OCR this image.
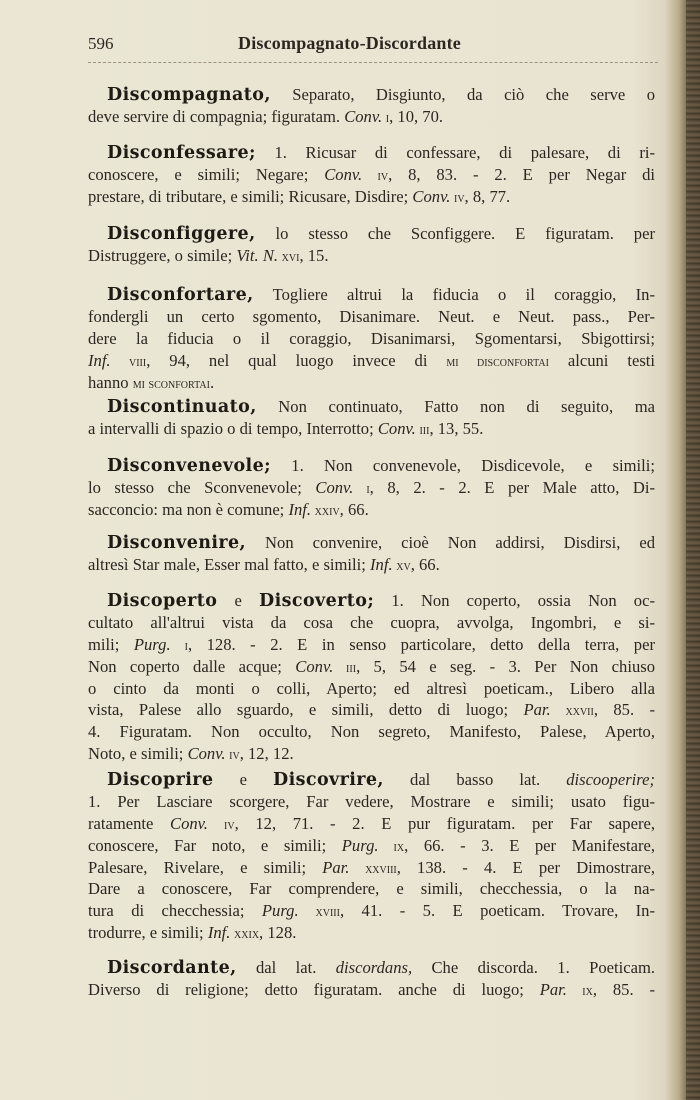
596	Discompagnato-Discordante
Discompagnato, Separato, Disgiunto, da ciò che serve o
deve servire di compagnia; figuratam. Conv. i, 10, 70.
Disconfessare; 1. Ricusar di confessare, di palesare, di ri-
conoscere, e simili; Negare; Conv. iv, 8, 83. - 2. E per Negar di
prestare, di tributare, e simili; Ricusare, Disdire; Conv. iv, 8, 77.
Disconfiggere, lo stesso che Sconfiggere. E figuratam. per
Distruggere, o simile; Vit. N. xvi, 15.
Disconfortare, Togliere altrui la fiducia o il coraggio, In-
fondergli un certo sgomento, Disanimare. Neut. e Neut. pass., Per-
dere la fiducia o il coraggio, Disanimarsi, Sgomentarsi, Sbigottirsi;
Inf. viii, 94, nel qual luogo invece di mi disconfortai alcuni testi
hanno mi sconfortai.
Discontinuato, Non continuato, Fatto non di seguito, ma
a intervalli di spazio o di tempo, Interrotto; Conv. iii, 13, 55.
Disconvenevole; 1. Non convenevole, Disdicevole, e simili;
lo stesso che Sconvenevole; Conv. i, 8, 2. - 2. E per Male atto, Di-
sacconcio: ma non è comune; Inf. xxiv, 66.
Disconvenire, Non convenire, cioè Non addirsi, Disdirsi, ed
altresì Star male, Esser mal fatto, e simili; Inf. xv, 66.
Discoperto e Discoverto; 1. Non coperto, ossia Non oc-
cultato all'altrui vista da cosa che cuopra, avvolga, Ingombri, e si-
mili; Purg. i, 128. - 2. E in senso particolare, detto della terra, per
Non coperto dalle acque; Conv. iii, 5, 54 e seg. - 3. Per Non chiuso
o cinto da monti o colli, Aperto; ed altresì poeticam., Libero alla
vista, Palese allo sguardo, e simili, detto di luogo; Par. xxvii, 85. -
4. Figuratam. Non occulto, Non segreto, Manifesto, Palese, Aperto,
Noto, e simili; Conv. iv, 12, 12.
Discoprire e Discovrire, dal basso lat. discooperire;
1. Per Lasciare scorgere, Far vedere, Mostrare e simili; usato figu-
ratamente Conv. iv, 12, 71. - 2. E pur figuratam. per Far sapere,
conoscere, Far noto, e simili; Purg. ix, 66. - 3. E per Manifestare,
Palesare, Rivelare, e simili; Par. xxviii, 138. - 4. E per Dimostrare,
Dare a conoscere, Far comprendere, e simili, checchessia, o la na-
tura di checchessia; Purg. xviii, 41. - 5. E poeticam. Trovare, In-
trodurre, e simili; Inf. xxix, 128.
Discordante, dal lat. discordans, Che discorda. 1. Poeticam.
Diverso di religione; detto figuratam. anche di luogo; Par. ix, 85. -
